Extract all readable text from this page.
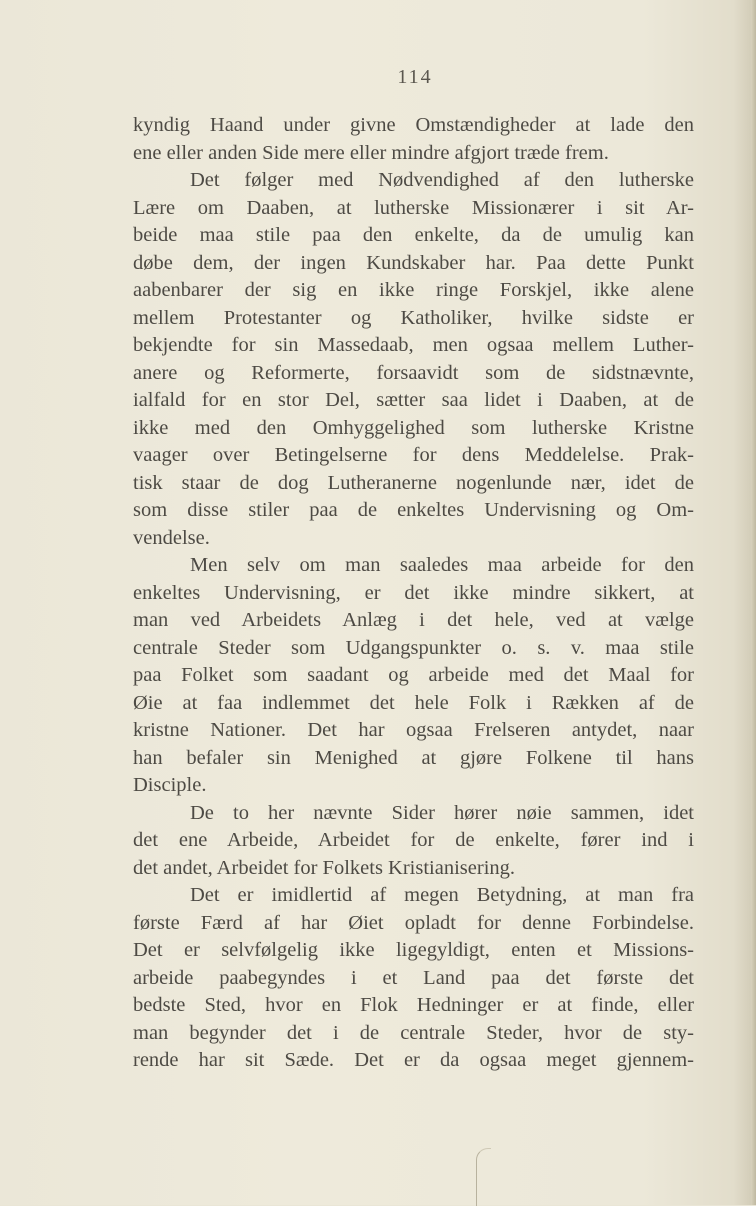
114
kyndig Haand under givne Omstændigheder at lade den
ene eller anden Side mere eller mindre afgjort træde frem.
Det følger med Nødvendighed af den lutherske
Lære om Daaben, at lutherske Missionærer i sit Ar-
beide maa stile paa den enkelte, da de umulig kan
døbe dem, der ingen Kundskaber har. Paa dette Punkt
aabenbarer der sig en ikke ringe Forskjel, ikke alene
mellem Protestanter og Katholiker, hvilke sidste er
bekjendte for sin Massedaab, men ogsaa mellem Luther-
anere og Reformerte, forsaavidt som de sidstnævnte,
ialfald for en stor Del, sætter saa lidet i Daaben, at de
ikke med den Omhyggelighed som lutherske Kristne
vaager over Betingelserne for dens Meddelelse. Prak-
tisk staar de dog Lutheranerne nogenlunde nær, idet de
som disse stiler paa de enkeltes Undervisning og Om-
vendelse.
Men selv om man saaledes maa arbeide for den
enkeltes Undervisning, er det ikke mindre sikkert, at
man ved Arbeidets Anlæg i det hele, ved at vælge
centrale Steder som Udgangspunkter o. s. v. maa stile
paa Folket som saadant og arbeide med det Maal for
Øie at faa indlemmet det hele Folk i Rækken af de
kristne Nationer. Det har ogsaa Frelseren antydet, naar
han befaler sin Menighed at gjøre Folkene til hans
Disciple.
De to her nævnte Sider hører nøie sammen, idet
det ene Arbeide, Arbeidet for de enkelte, fører ind i
det andet, Arbeidet for Folkets Kristianisering.
Det er imidlertid af megen Betydning, at man fra
første Færd af har Øiet opladt for denne Forbindelse.
Det er selvfølgelig ikke ligegyldigt, enten et Missions-
arbeide paabegyndes i et Land paa det første det
bedste Sted, hvor en Flok Hedninger er at finde, eller
man begynder det i de centrale Steder, hvor de sty-
rende har sit Sæde. Det er da ogsaa meget gjennem-
